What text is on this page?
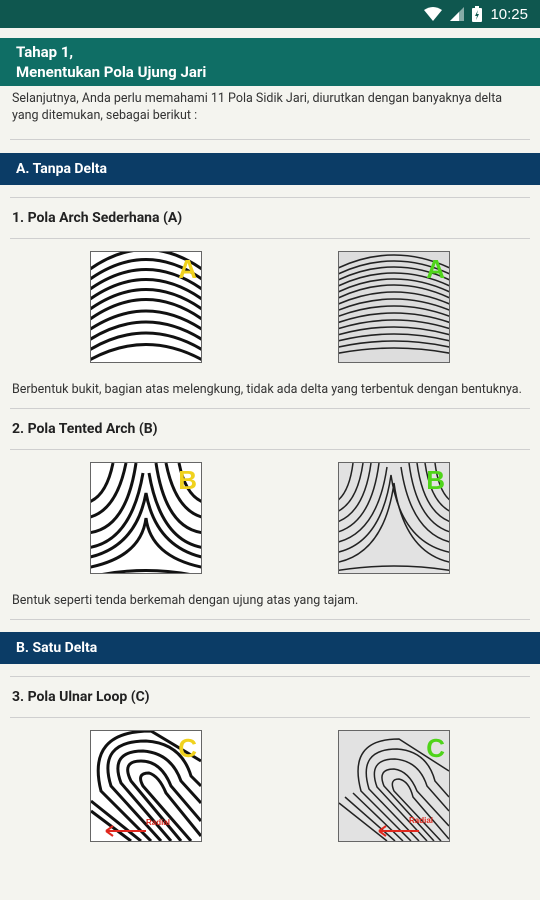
10:25
Tahap 1,
Menentukan Pola Ujung Jari
Selanjutnya, Anda perlu memahami 11 Pola Sidik Jari, diurutkan dengan banyaknya delta yang ditemukan, sebagai berikut :
A. Tanpa Delta
1. Pola Arch Sederhana (A)
A	A
Berbentuk bukit, bagian atas melengkung, tidak ada delta yang terbentuk dengan bentuknya.
2. Pola Tented Arch (B)
B	B
Bentuk seperti tenda berkemah dengan ujung atas yang tajam.
B. Satu Delta
3. Pola Ulnar Loop (C)
Radial
C
Radial
C
